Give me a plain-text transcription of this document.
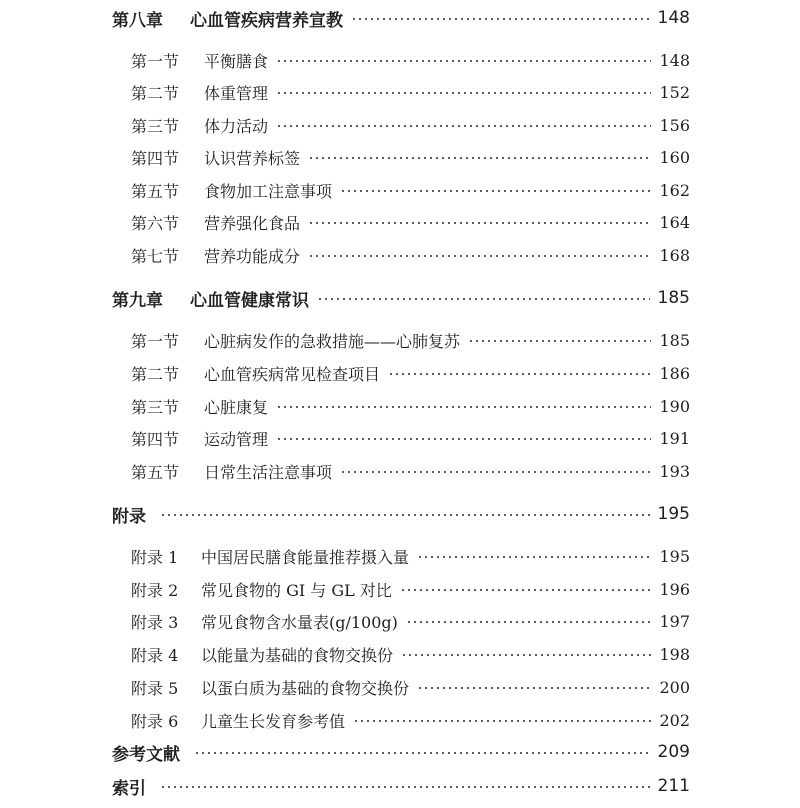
第八章	心血管疾病营养宣教	148
第一节	平衡膳食	148
第二节	体重管理	152
第三节	体力活动	156
第四节	认识营养标签	160
第五节	食物加工注意事项	162
第六节	营养强化食品	164
第七节	营养功能成分	168
第九章	心血管健康常识	185
第一节	心脏病发作的急救措施——心肺复苏	185
第二节	心血管疾病常见检查项目	186
第三节	心脏康复	190
第四节	运动管理	191
第五节	日常生活注意事项	193
附录	195
附录 1	中国居民膳食能量推荐摄入量	195
附录 2	常见食物的 GI 与 GL 对比	196
附录 3	常见食物含水量表(g/100g)	197
附录 4	以能量为基础的食物交换份	198
附录 5	以蛋白质为基础的食物交换份	200
附录 6	儿童生长发育参考值	202
参考文献	209
索引	211
